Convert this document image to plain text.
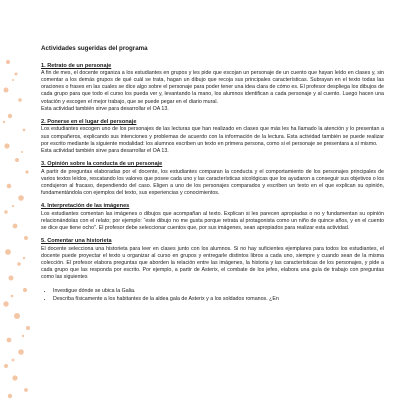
Actividades sugeridas del programa

1. Retrato de un personaje

A fin de mes, el docente organiza a los estudiantes en grupos y les pide que escojan un personaje de un cuento que hayan leído en clases y, sin comentar a los demás grupos de qué cuál se trata, hagan un dibujo que recoja sus principales características. Subrayan en el texto todas las oraciones o frases en las cuales se dice algo sobre el personaje para poder tener una idea clara de cómo es. El profesor despliega los dibujos de cada grupo para que todo el curso los pueda ver y, levantando la mano, los alumnos identifican a cada personaje y al cuento. Luego hacen una votación y escogen el mejor trabajo, que se puede pegar en el diario mural.

Esta actividad también sirve para desarrollar el OA 13.

2. Ponerse en el lugar del personaje

Los estudiantes escogen uno de los personajes de las lecturas que han realizado en clases que más les ha llamado la atención y lo presentan a sus compañeros, explicando sus intenciones y problemas de acuerdo con la información de la lectura. Esta actividad también se puede realizar por escrito mediante la siguiente modalidad: los alumnos escriben un texto en primera persona, como si el personaje se presentara a sí mismo.

Esta actividad también sirve para desarrollar el OA 13.

3. Opinión sobre la conducta de un personaje

A partir de preguntas elaboradas por el docente, los estudiantes comparan la conducta y el comportamiento de los personajes principales de varios textos leídos, rescatando los valores que posee cada uno y las características sicológicas que los ayudaron a conseguir sus objetivos o los condujeron al fracaso, dependiendo del caso. Eligen a uno de los personajes comparados y escriben un texto en el que explican su opinión, fundamentándola con ejemplos del texto, sus experiencias y conocimientos.

4. Interpretación de las imágenes

Los estudiantes comentan las imágenes o dibujos que acompañan al texto. Explican si les parecen apropiadas o no y fundamentan su opinión relacionándolas con el relato; por ejemplo: “este dibujo no me gusta porque retrata al protagonista como un niño de quince años, y en el cuento se dice que tiene ocho”. El profesor debe seleccionar cuentos que, por sus imágenes, sean apropiados para realizar esta actividad.

5. Comentar una historieta

El docente selecciona una historieta para leer en clases junto con los alumnos. Si no hay suficientes ejemplares para todos los estudiantes, el docente puede proyectar el texto u organizar al curso en grupos y entregarle distintos libros a cada uno, siempre y cuando sean de la misma colección. El profesor elabora preguntas que aborden la relación entre las imágenes, la historia y las características de los personajes, y pide a cada grupo que las responda por escrito. Por ejemplo, a partir de Asterix, el combate de los jefes, elabora una guía de trabajo con preguntas como las siguientes

• Investigue dónde se ubica la Galia.
• Describa físicamente a los habitantes de la aldea gala de Asterix y a los soldados romanos. ¿En
